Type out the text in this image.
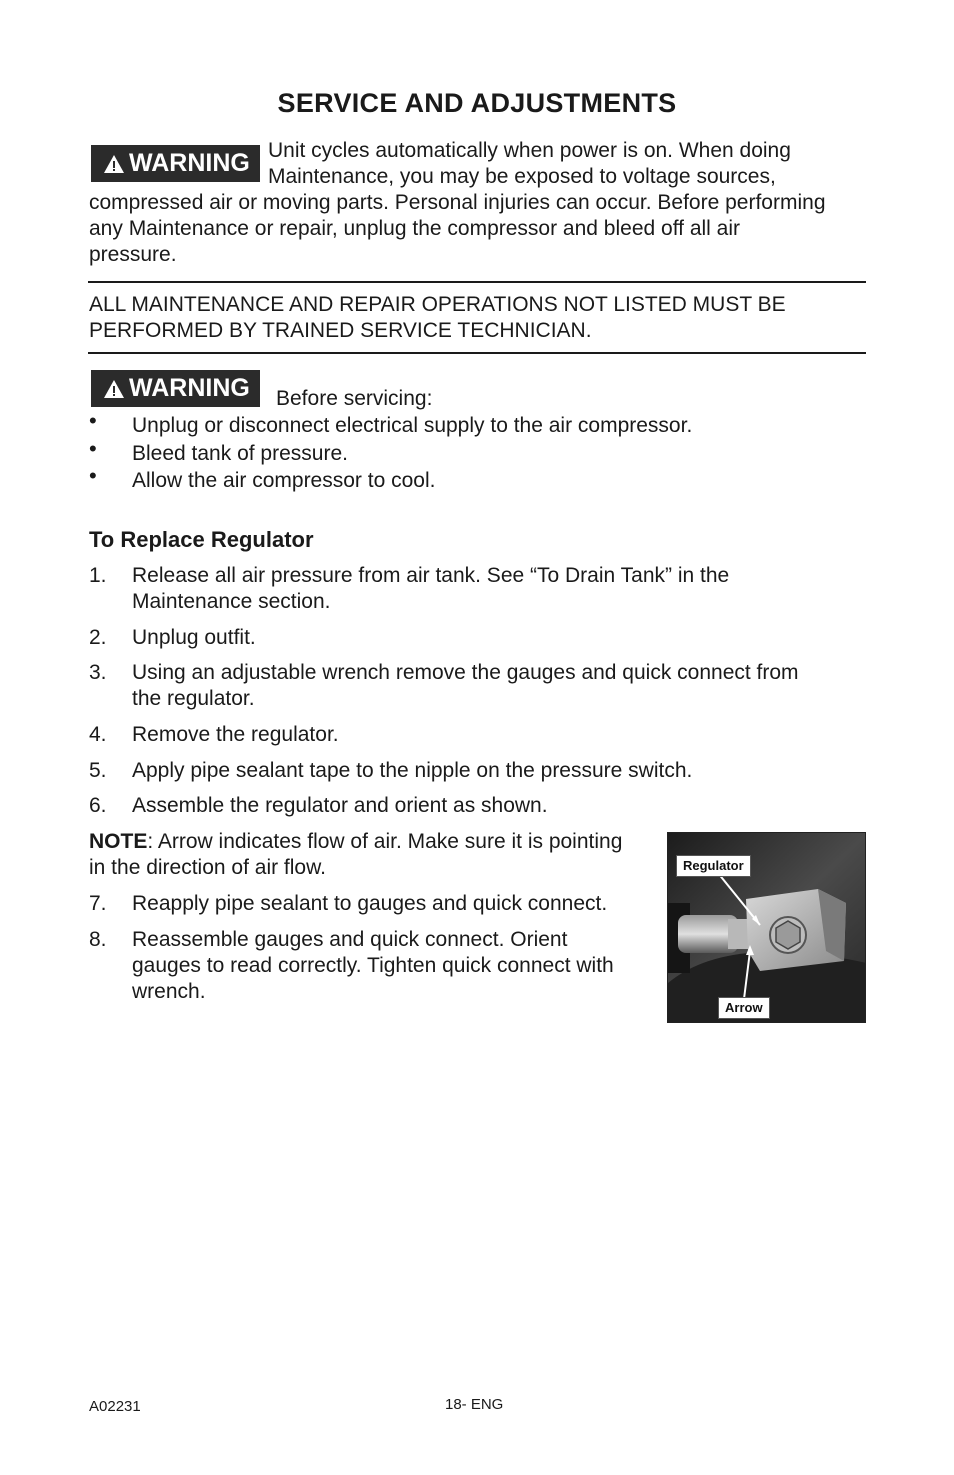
SERVICE AND ADJUSTMENTS
WARNING Unit cycles automatically when power is on. When doing
Maintenance, you may be exposed to voltage sources,
compressed air or moving parts. Personal injuries can occur. Before performing
any Maintenance or repair, unplug the compressor and bleed off all air
pressure.
ALL MAINTENANCE AND REPAIR OPERATIONS NOT LISTED MUST BE
PERFORMED BY TRAINED SERVICE TECHNICIAN.
WARNING Before servicing:
• Unplug or disconnect electrical supply to the air compressor.
• Bleed tank of pressure.
• Allow the air compressor to cool.
To Replace Regulator
1.	Release all air pressure from air tank. See “To Drain Tank” in the
Maintenance section.
2.	Unplug outfit.
3.	Using an adjustable wrench remove the gauges and quick connect from
the regulator.
4.	Remove the regulator.
5.	Apply pipe sealant tape to the nipple on the pressure switch.
6.	Assemble the regulator and orient as shown.
NOTE: Arrow indicates flow of air. Make sure it is pointing
in the direction of air flow.
7.	Reapply pipe sealant to gauges and quick connect.
8.	Reassemble gauges and quick connect. Orient
gauges to read correctly. Tighten quick connect with
wrench.
Regulator
Arrow
A02231	18- ENG
